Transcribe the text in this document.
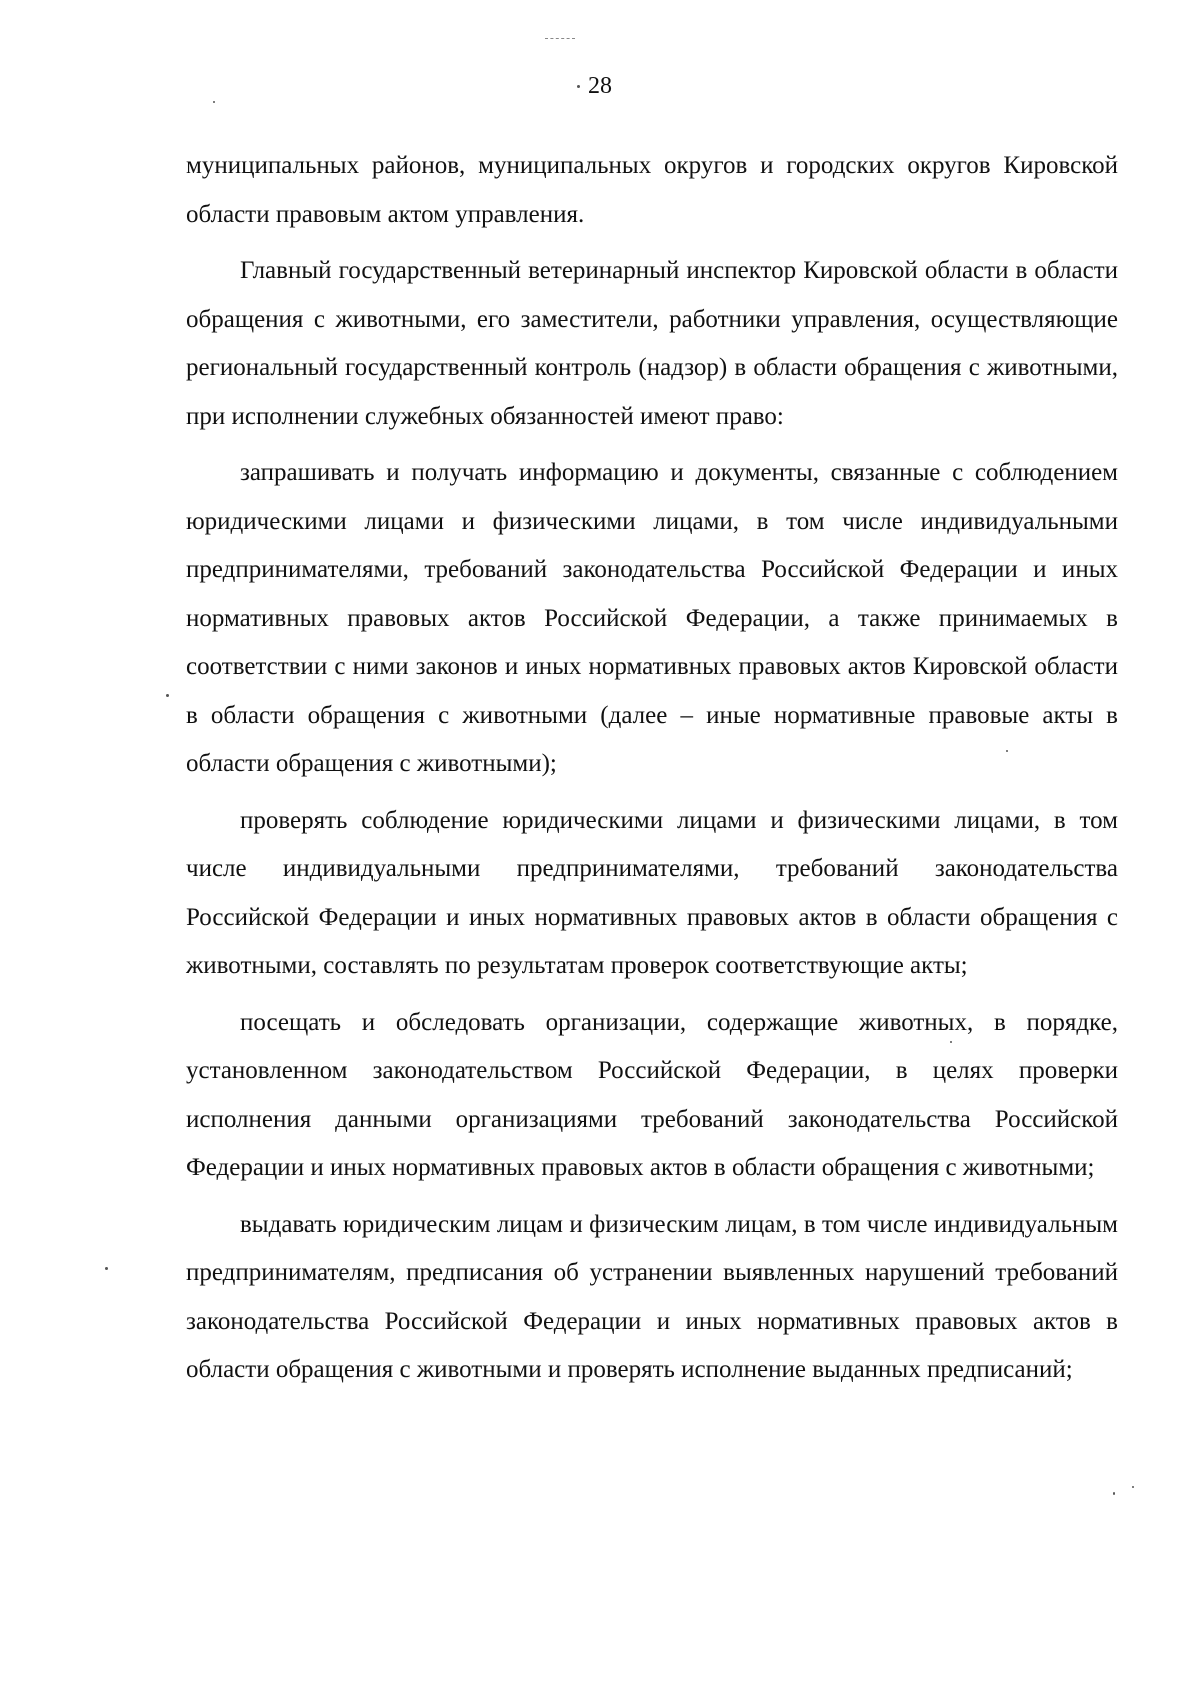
28

муниципальных районов, муниципальных округов и городских округов Кировской области правовым актом управления.

Главный государственный ветеринарный инспектор Кировской области в области обращения с животными, его заместители, работники управления, осуществляющие региональный государственный контроль (надзор) в области обращения с животными, при исполнении служебных обязанностей имеют право:

запрашивать и получать информацию и документы, связанные с соблюдением юридическими лицами и физическими лицами, в том числе индивидуальными предпринимателями, требований законодательства Российской Федерации и иных нормативных правовых актов Российской Федерации, а также принимаемых в соответствии с ними законов и иных нормативных правовых актов Кировской области в области обращения с животными (далее – иные нормативные правовые акты в области обращения с животными);

проверять соблюдение юридическими лицами и физическими лицами, в том числе индивидуальными предпринимателями, требований законодательства Российской Федерации и иных нормативных правовых актов в области обращения с животными, составлять по результатам проверок соответствующие акты;

посещать и обследовать организации, содержащие животных, в порядке, установленном законодательством Российской Федерации, в целях проверки исполнения данными организациями требований законодательства Российской Федерации и иных нормативных правовых актов в области обращения с животными;

выдавать юридическим лицам и физическим лицам, в том числе индивидуальным предпринимателям, предписания об устранении выявленных нарушений требований законодательства Российской Федерации и иных нормативных правовых актов в области обращения с животными и проверять исполнение выданных предписаний;
